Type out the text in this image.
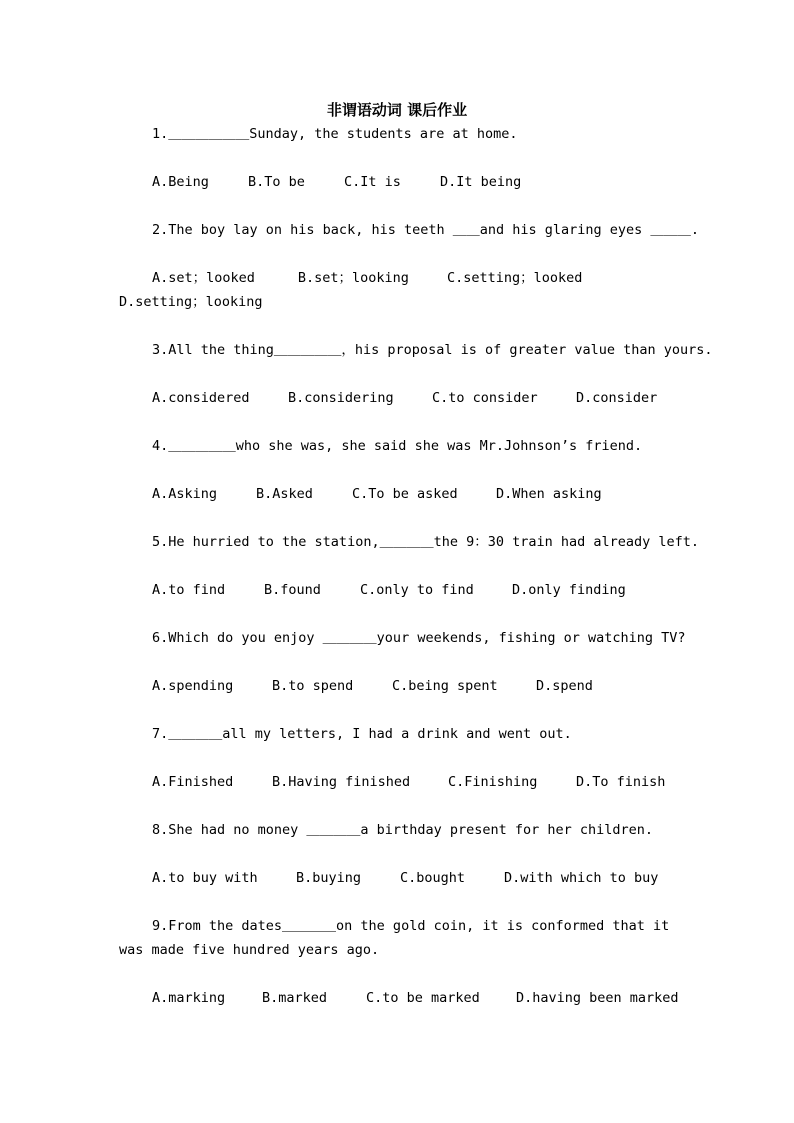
非谓语动词 课后作业

1.＿＿＿＿＿＿Sunday, the students are at home.

A.Being	B.To be	C.It is	D.It being

2.The boy lay on his back, his teeth ＿＿and his glaring eyes ＿＿＿.

A.set；looked	B.set；looking	C.setting；looked D.setting；looking

3.All the thing＿＿＿＿＿，his proposal is of greater value than yours.

A.considered	B.considering	C.to consider	D.consider

4.＿＿＿＿＿who she was, she said she was Mr.Johnson’s friend.

A.Asking	B.Asked	C.To be asked	D.When asking

5.He hurried to the station,＿＿＿＿the 9：30 train had already left.

A.to find	B.found	C.only to find	D.only finding

6.Which do you enjoy ＿＿＿＿your weekends, fishing or watching TV?

A.spending	B.to spend	C.being spent	D.spend

7.＿＿＿＿all my letters, I had a drink and went out.

A.Finished	B.Having finished	C.Finishing	D.To finish

8.She had no money ＿＿＿＿a birthday present for her children.

A.to buy with	B.buying	C.bought	D.with which to buy

9.From the dates＿＿＿＿on the gold coin, it is conformed that it was made five hundred years ago.

A.marking	B.marked	C.to be marked	D.having been marked
